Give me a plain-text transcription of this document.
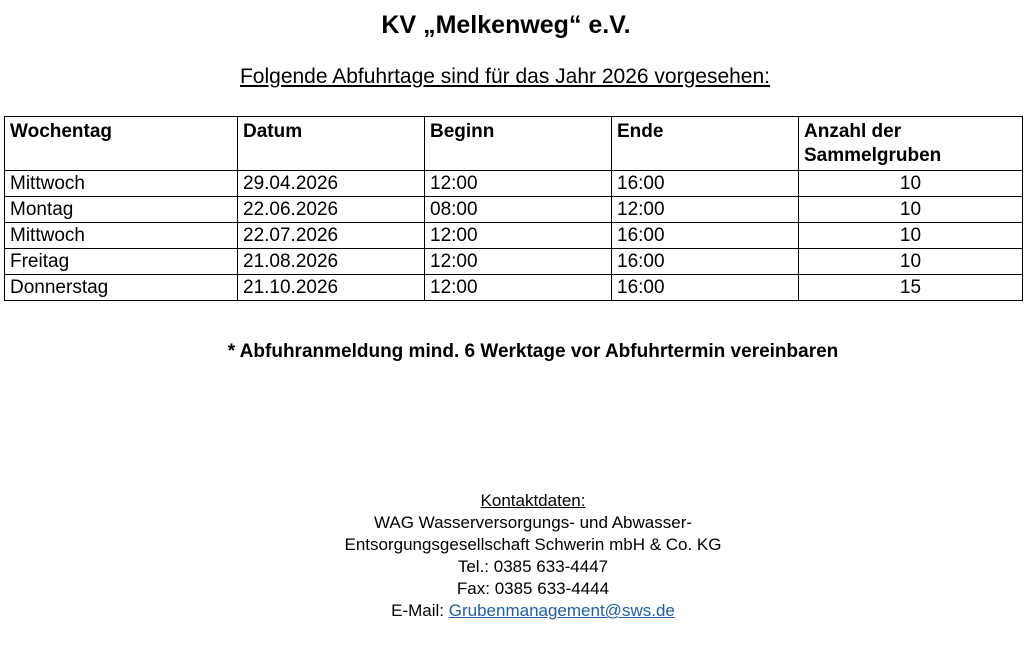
KV „Melkenweg“ e.V.
Folgende Abfuhrtage sind für das Jahr 2026 vorgesehen:
Wochentag	Datum	Beginn	Ende	Anzahl der Sammelgruben
Mittwoch	29.04.2026	12:00	16:00	10
Montag	22.06.2026	08:00	12:00	10
Mittwoch	22.07.2026	12:00	16:00	10
Freitag	21.08.2026	12:00	16:00	10
Donnerstag	21.10.2026	12:00	16:00	15
* Abfuhranmeldung mind. 6 Werktage vor Abfuhrtermin vereinbaren
Kontaktdaten:
WAG Wasserversorgungs- und Abwasser-
Entsorgungsgesellschaft Schwerin mbH & Co. KG
Tel.: 0385 633-4447
Fax: 0385 633-4444
E-Mail: Grubenmanagement@sws.de
